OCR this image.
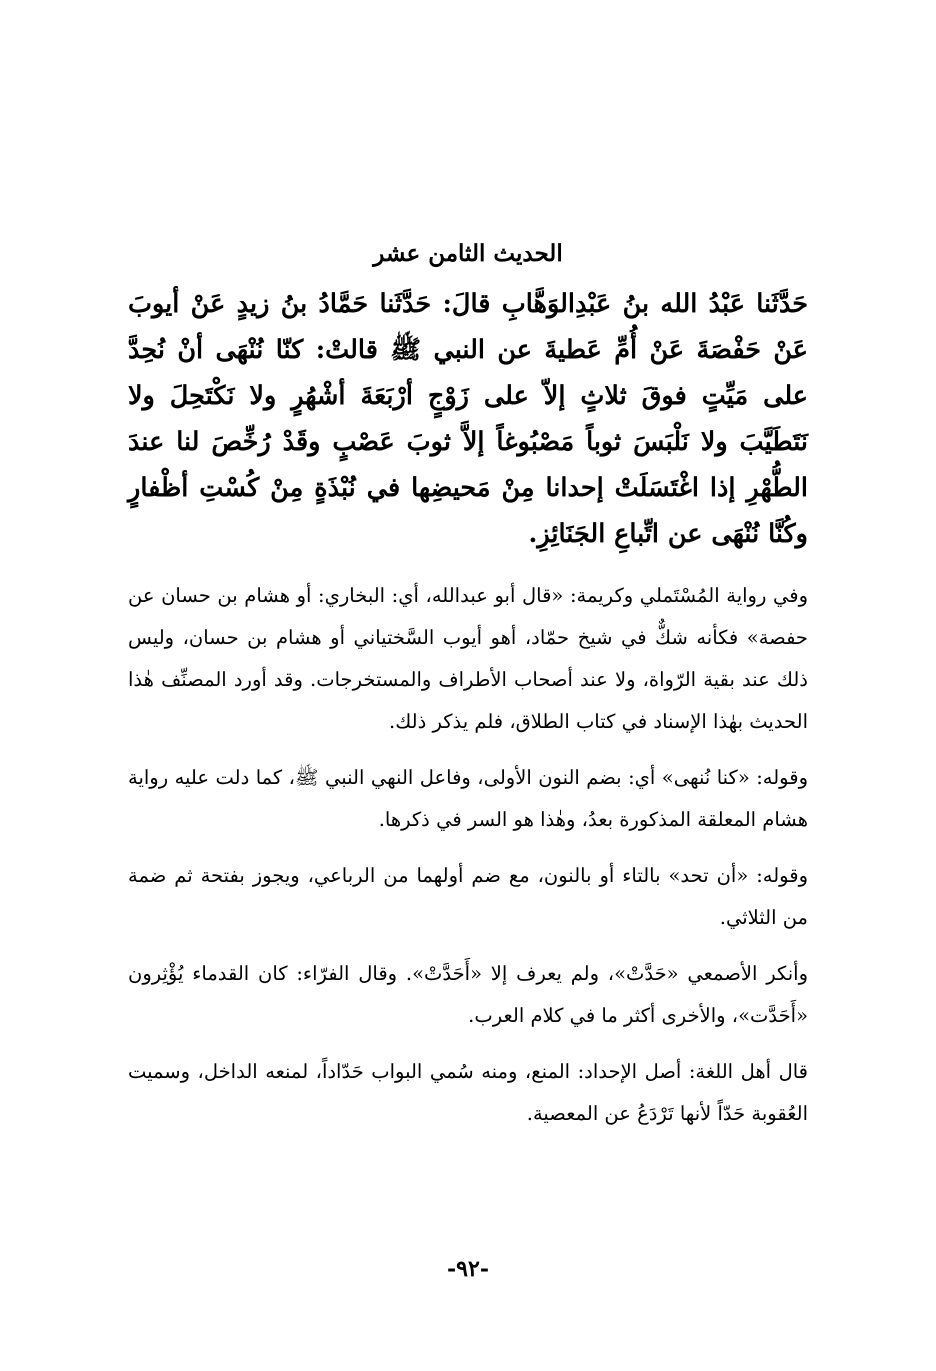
الحديث الثامن عشر

حَدَّثَنا عَبْدُ الله بنُ عَبْدِالوَهَّابِ قالَ: حَدَّثَنا حَمَّادُ بنُ زيدٍ عَنْ أيوبَ عَنْ حَفْصَةَ عَنْ أُمِّ عَطيةَ عن النبي ﷺ قالتْ: كنّا نُنْهَى أنْ نُحِدَّ على مَيِّتٍ فوقَ ثلاثٍ إلاّ على زَوْجٍ أرْبَعَةَ أشْهُرٍ ولا نَكْتَحِلَ ولا نَتَطَيَّبَ ولا نَلْبَسَ ثوباً مَصْبُوغاً إلاَّ ثوبَ عَصْبٍ وقَدْ رُخِّصَ لنا عندَ الطُّهْرِ إذا اغْتَسَلَتْ إحدانا مِنْ مَحيضِها في نُبْذَةٍ مِنْ كُسْتِ أظْفارٍ وكُنَّا نُنْهَى عن اتِّباعِ الجَنَائِزِ.

وفي رواية المُسْتَملي وكريمة: «قال أبو عبدالله، أي: البخاري: أو هشام بن حسان عن حفصة» فكأنه شكٌّ في شيخ حمّاد، أهو أيوب السَّختياني أو هشام بن حسان، وليس ذلك عند بقية الرّواة، ولا عند أصحاب الأطراف والمستخرجات. وقد أورد المصنِّف هٰذا الحديث بهٰذا الإسناد في كتاب الطلاق، فلم يذكر ذلك.

وقوله: «كنا نُنهى» أي: بضم النون الأولى، وفاعل النهي النبي ﷺ، كما دلت عليه رواية هشام المعلقة المذكورة بعدُ، وهٰذا هو السر في ذكرها.

وقوله: «أن تحد» بالتاء أو بالنون، مع ضم أولهما من الرباعي، ويجوز بفتحة ثم ضمة من الثلاثي.

وأنكر الأصمعي «حَدَّتْ»، ولم يعرف إلا «أَحَدَّتْ». وقال الفرّاء: كان القدماء يُؤْثِرون «أَحَدَّت»، والأخرى أكثر ما في كلام العرب.

قال أهل اللغة: أصل الإحداد: المنع، ومنه سُمي البواب حَدّاداً، لمنعه الداخل، وسميت العُقوبة حَدّاً لأنها تَرْدَعُ عن المعصية.

-٩٢-
